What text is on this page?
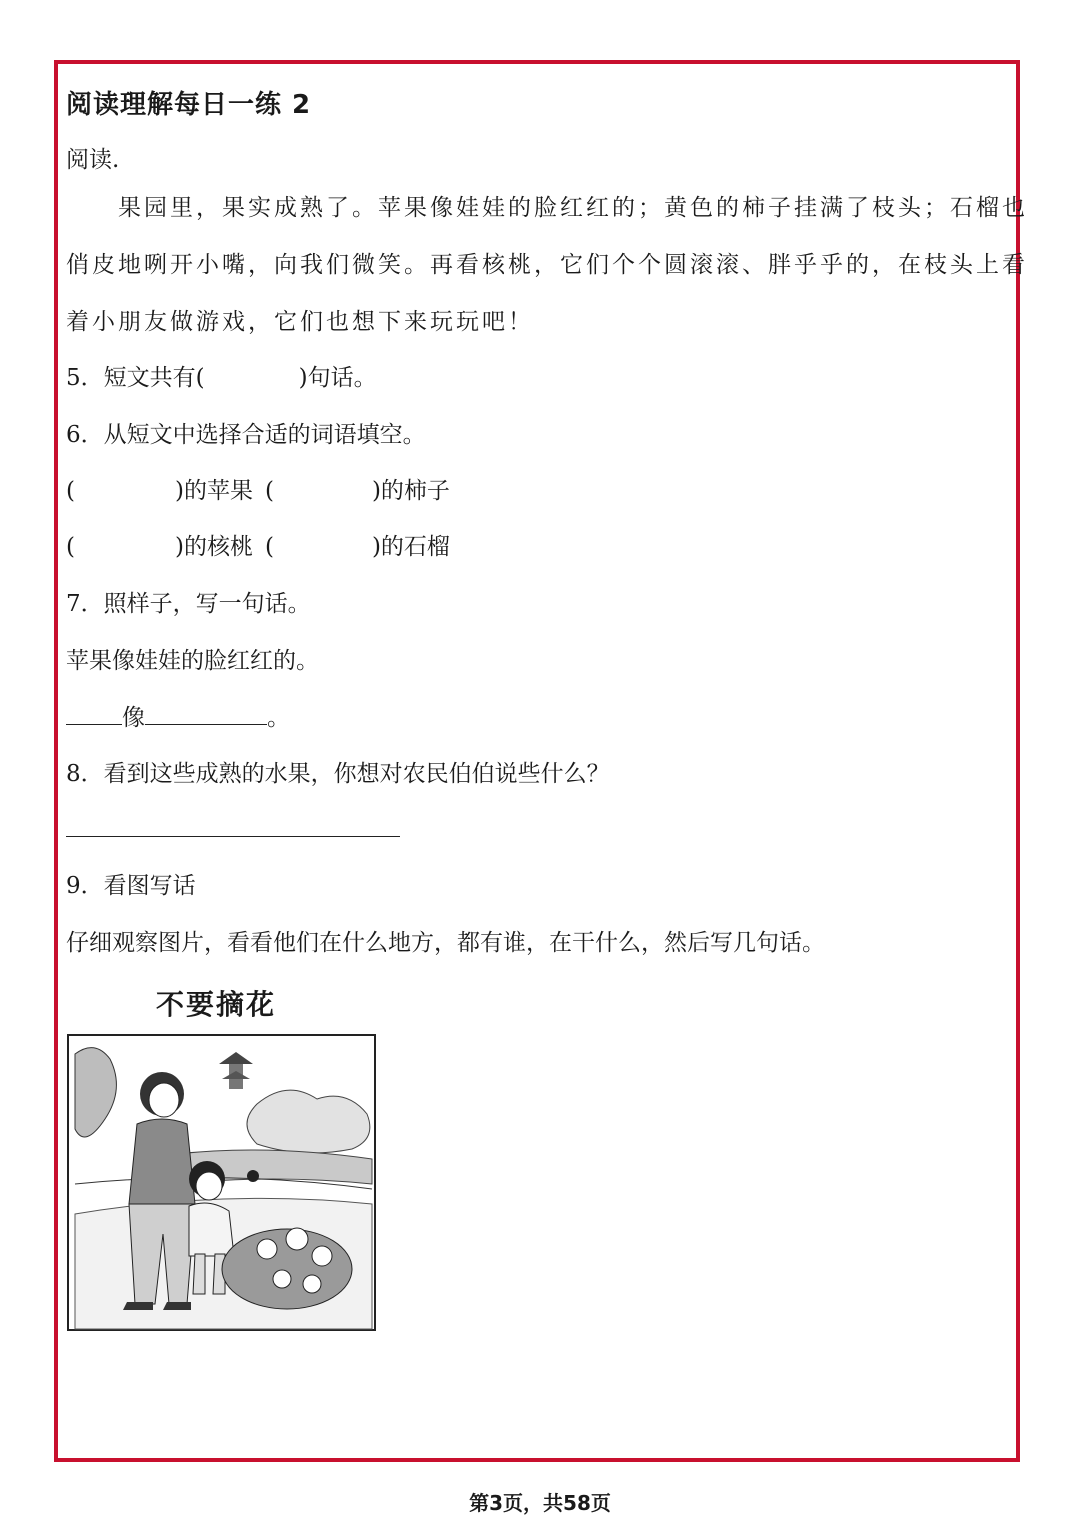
阅读理解每日一练 2
阅读.
果园里，果实成熟了。苹果像娃娃的脸红红的；黄色的柿子挂满了枝头；石榴也
俏皮地咧开小嘴，向我们微笑。再看核桃，它们个个圆滚滚、胖乎乎的，在枝头上看
着小朋友做游戏，它们也想下来玩玩吧！
5．短文共有(	)句话。
6．从短文中选择合适的词语填空。
(	)的苹果 (	)的柿子
(	)的核桃 (	)的石榴
7．照样子，写一句话。
苹果像娃娃的脸红红的。
像	。
8．看到这些成熟的水果，你想对农民伯伯说些什么？
9．看图写话
仔细观察图片，看看他们在什么地方，都有谁，在干什么，然后写几句话。
不要摘花
第3页，共58页
